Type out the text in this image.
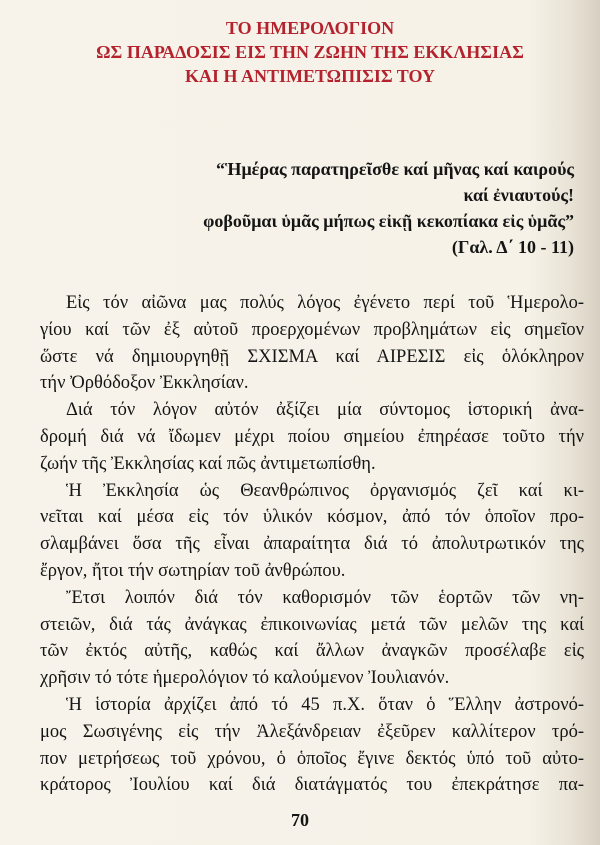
ΤΟ ΗΜΕΡΟΛΟΓΙΟΝ
ΩΣ ΠΑΡΑΔΟΣΙΣ ΕΙΣ ΤΗΝ ΖΩΗΝ ΤΗΣ ΕΚΚΛΗΣΙΑΣ
ΚΑΙ Η ΑΝΤΙΜΕΤΩΠΙΣΙΣ ΤΟΥ
“Ἡμέρας παρατηρεῖσθε καί μῆνας καί καιρούς
καί ἐνιαυτούς!
φοβοῦμαι ὑμᾶς μήπως εἰκῇ κεκοπίακα εἰς ὑμᾶς”
(Γαλ. Δ΄ 10 - 11)

Εἰς τόν αἰῶνα μας πολύς λόγος ἐγένετο περί τοῦ Ἡμερολο-
γίου καί τῶν ἐξ αὐτοῦ προερχομένων προβλημάτων εἰς σημεῖον
ὥστε νά δημιουργηθῇ ΣΧΙΣΜΑ καί ΑΙΡΕΣΙΣ εἰς ὁλόκληρον
τήν Ὀρθόδοξον Ἐκκλησίαν.

Διά τόν λόγον αὐτόν ἀξίζει μία σύντομος ἱστορική ἀνα-
δρομή διά νά ἴδωμεν μέχρι ποίου σημείου ἐπηρέασε τοῦτο τήν
ζωήν τῆς Ἐκκλησίας καί πῶς ἀντιμετωπίσθη.

Ἡ Ἐκκλησία ὡς Θεανθρώπινος ὀργανισμός ζεῖ καί κι-
νεῖται καί μέσα εἰς τόν ὑλικόν κόσμον, ἀπό τόν ὁποῖον προ-
σλαμβάνει ὅσα τῆς εἶναι ἀπαραίτητα διά τό ἀπολυτρωτικόν της
ἔργον, ἤτοι τήν σωτηρίαν τοῦ ἀνθρώπου.

Ἔτσι λοιπόν διά τόν καθορισμόν τῶν ἑορτῶν τῶν νη-
στειῶν, διά τάς ἀνάγκας ἐπικοινωνίας μετά τῶν μελῶν της καί
τῶν ἐκτός αὐτῆς, καθώς καί ἄλλων ἀναγκῶν προσέλαβε εἰς
χρῆσιν τό τότε ἡμερολόγιον τό καλούμενον Ἰουλιανόν.

Ἡ ἱστορία ἀρχίζει ἀπό τό 45 π.Χ. ὅταν ὁ Ἕλλην ἀστρονό-
μος Σωσιγένης εἰς τήν Ἀλεξάνδρειαν ἐξεῦρεν καλλίτερον τρό-
πον μετρήσεως τοῦ χρόνου, ὁ ὁποῖος ἔγινε δεκτός ὑπό τοῦ αὐτο-
κράτορος Ἰουλίου καί διά διατάγματός του ἐπεκράτησε πα-

70
